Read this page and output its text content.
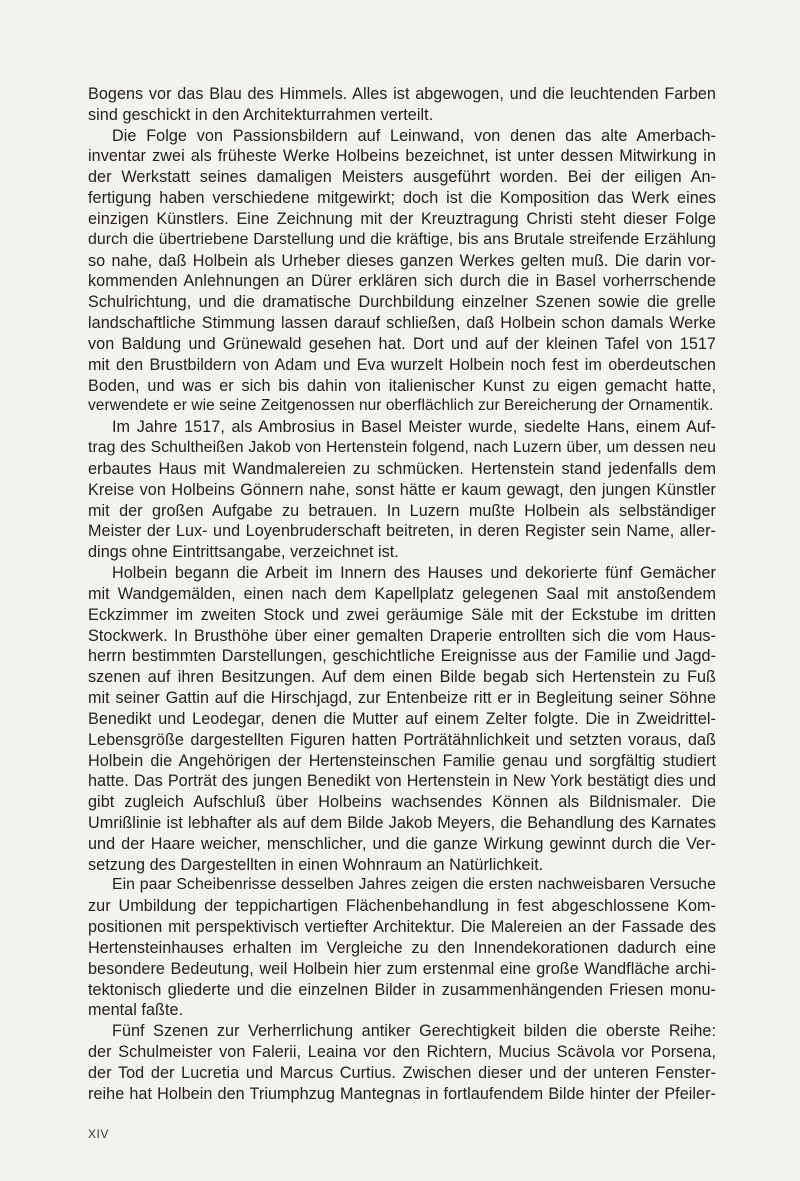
Bogens vor das Blau des Himmels. Alles ist abgewogen, und die leuchtenden Farben
sind geschickt in den Architekturrahmen verteilt.

Die Folge von Passionsbildern auf Leinwand, von denen das alte Amerbach-
inventar zwei als früheste Werke Holbeins bezeichnet, ist unter dessen Mitwirkung in
der Werkstatt seines damaligen Meisters ausgeführt worden. Bei der eiligen An-
fertigung haben verschiedene mitgewirkt; doch ist die Komposition das Werk eines
einzigen Künstlers. Eine Zeichnung mit der Kreuztragung Christi steht dieser Folge
durch die übertriebene Darstellung und die kräftige, bis ans Brutale streifende Erzählung
so nahe, daß Holbein als Urheber dieses ganzen Werkes gelten muß. Die darin vor-
kommenden Anlehnungen an Dürer erklären sich durch die in Basel vorherrschende
Schulrichtung, und die dramatische Durchbildung einzelner Szenen sowie die grelle
landschaftliche Stimmung lassen darauf schließen, daß Holbein schon damals Werke
von Baldung und Grünewald gesehen hat. Dort und auf der kleinen Tafel von 1517
mit den Brustbildern von Adam und Eva wurzelt Holbein noch fest im oberdeutschen
Boden, und was er sich bis dahin von italienischer Kunst zu eigen gemacht hatte,
verwendete er wie seine Zeitgenossen nur oberflächlich zur Bereicherung der Ornamentik.

Im Jahre 1517, als Ambrosius in Basel Meister wurde, siedelte Hans, einem Auf-
trag des Schultheißen Jakob von Hertenstein folgend, nach Luzern über, um dessen neu
erbautes Haus mit Wandmalereien zu schmücken. Hertenstein stand jedenfalls dem
Kreise von Holbeins Gönnern nahe, sonst hätte er kaum gewagt, den jungen Künstler
mit der großen Aufgabe zu betrauen. In Luzern mußte Holbein als selbständiger
Meister der Lux- und Loyenbruderschaft beitreten, in deren Register sein Name, aller-
dings ohne Eintrittsangabe, verzeichnet ist.

Holbein begann die Arbeit im Innern des Hauses und dekorierte fünf Gemächer
mit Wandgemälden, einen nach dem Kapellplatz gelegenen Saal mit anstoßendem
Eckzimmer im zweiten Stock und zwei geräumige Säle mit der Eckstube im dritten
Stockwerk. In Brusthöhe über einer gemalten Draperie entrollten sich die vom Haus-
herrn bestimmten Darstellungen, geschichtliche Ereignisse aus der Familie und Jagd-
szenen auf ihren Besitzungen. Auf dem einen Bilde begab sich Hertenstein zu Fuß
mit seiner Gattin auf die Hirschjagd, zur Entenbeize ritt er in Begleitung seiner Söhne
Benedikt und Leodegar, denen die Mutter auf einem Zelter folgte. Die in Zweidrittel-
Lebensgröße dargestellten Figuren hatten Porträtähnlichkeit und setzten voraus, daß
Holbein die Angehörigen der Hertensteinschen Familie genau und sorgfältig studiert
hatte. Das Porträt des jungen Benedikt von Hertenstein in New York bestätigt dies und
gibt zugleich Aufschluß über Holbeins wachsendes Können als Bildnismaler. Die
Umrißlinie ist lebhafter als auf dem Bilde Jakob Meyers, die Behandlung des Karnates
und der Haare weicher, menschlicher, und die ganze Wirkung gewinnt durch die Ver-
setzung des Dargestellten in einen Wohnraum an Natürlichkeit.

Ein paar Scheibenrisse desselben Jahres zeigen die ersten nachweisbaren Versuche
zur Umbildung der teppichartigen Flächenbehandlung in fest abgeschlossene Kom-
positionen mit perspektivisch vertiefter Architektur. Die Malereien an der Fassade des
Hertensteinhauses erhalten im Vergleiche zu den Innendekorationen dadurch eine
besondere Bedeutung, weil Holbein hier zum erstenmal eine große Wandfläche archi-
tektonisch gliederte und die einzelnen Bilder in zusammenhängenden Friesen monu-
mental faßte.

Fünf Szenen zur Verherrlichung antiker Gerechtigkeit bilden die oberste Reihe:
der Schulmeister von Falerii, Leaina vor den Richtern, Mucius Scävola vor Porsena,
der Tod der Lucretia und Marcus Curtius. Zwischen dieser und der unteren Fenster-
reihe hat Holbein den Triumphzug Mantegnas in fortlaufendem Bilde hinter der Pfeiler-

XIV
